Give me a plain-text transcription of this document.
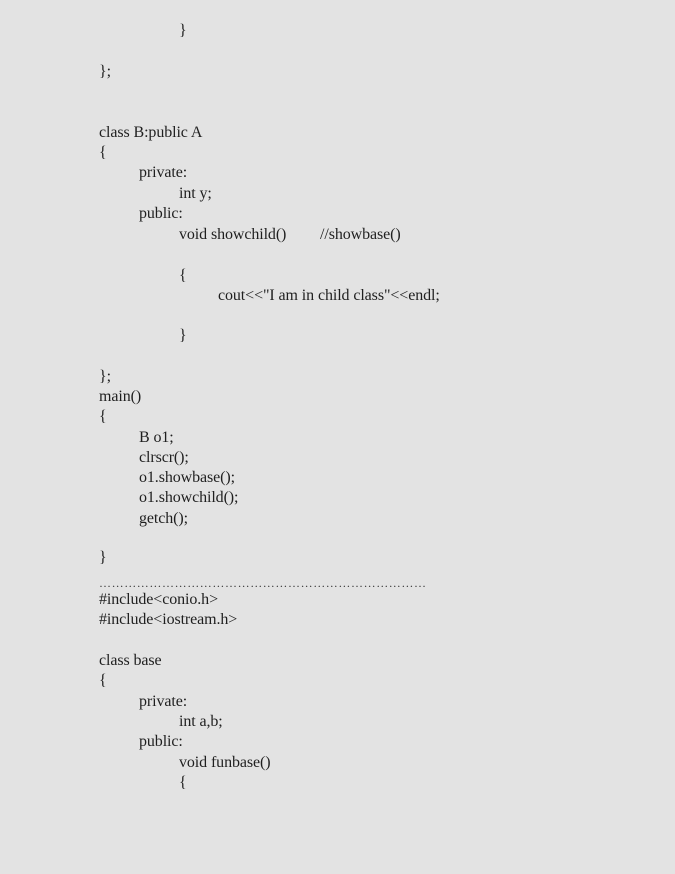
}
};
class B:public A
{
private:
int y;
public:
void showchild() //showbase()
{
cout<<"I am in child class"<<endl;
}
};
main()
{
B o1;
clrscr();
o1.showbase();
o1.showchild();
getch();
}
……………………………………………………………………
#include<conio.h>
#include<iostream.h>
class base
{
private:
int a,b;
public:
void funbase()
{
